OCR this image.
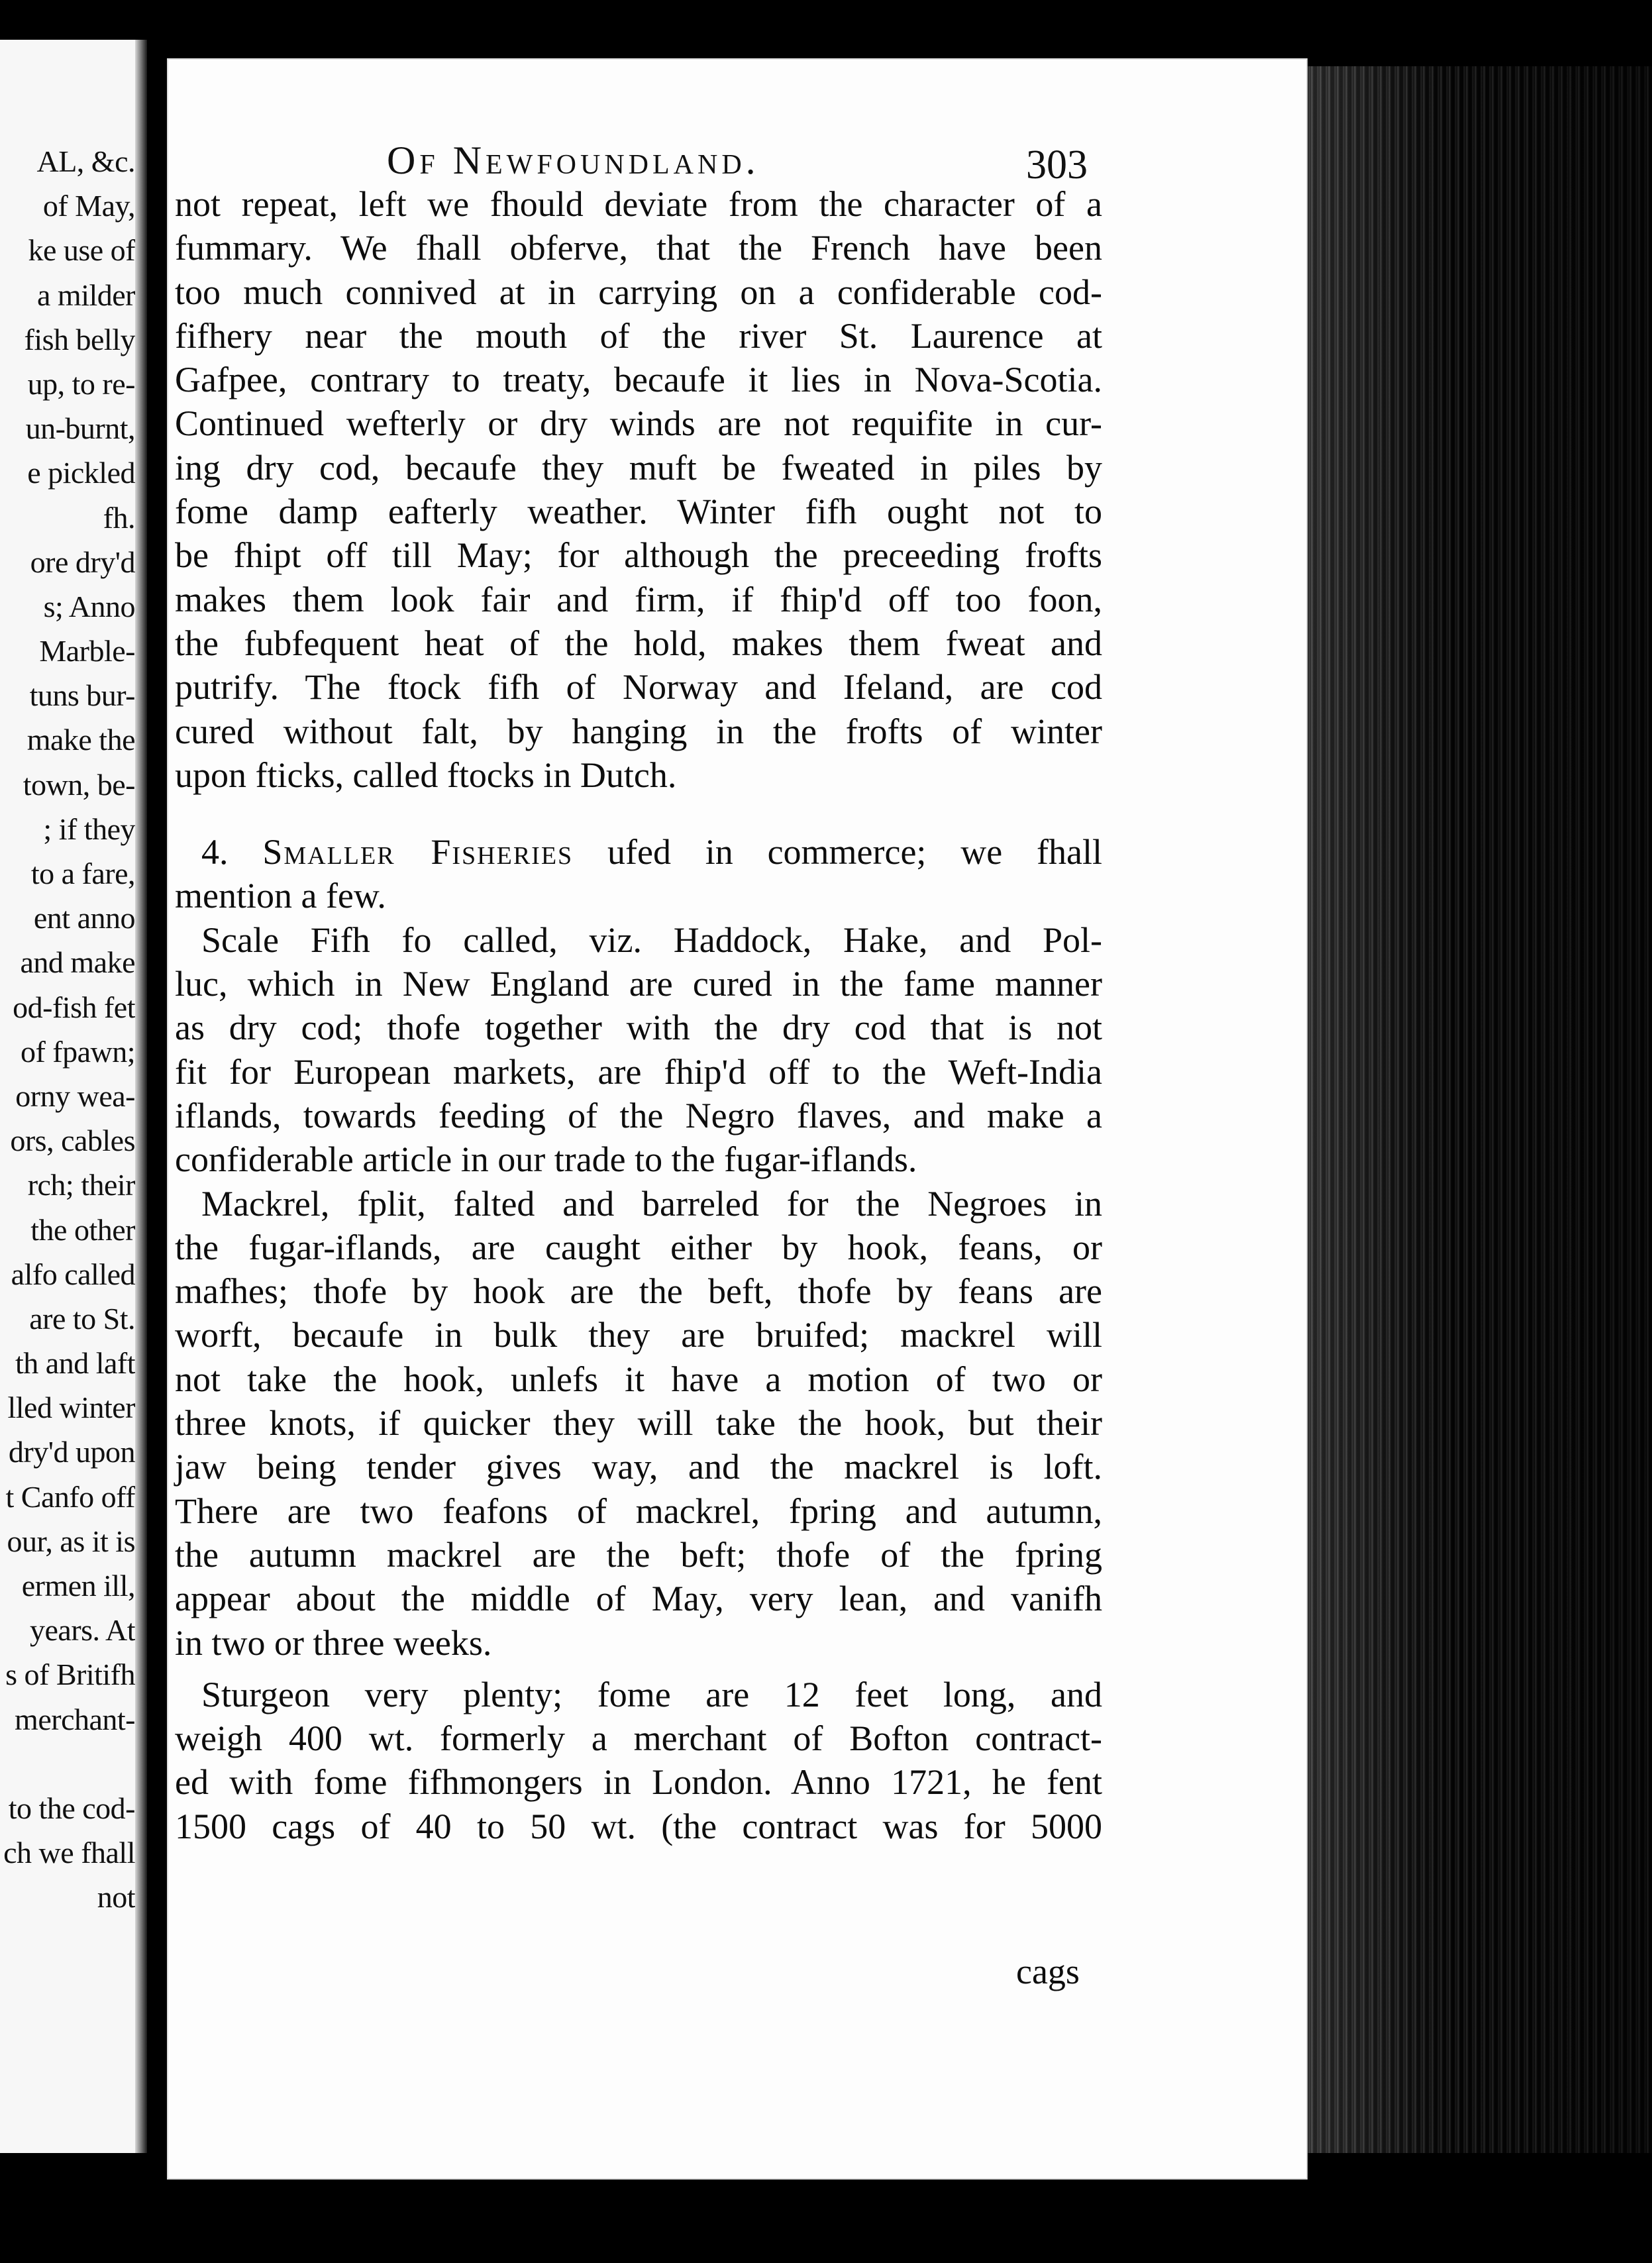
AL, &c.
of May,
ke use of
a milder
fish belly
up, to re-
un-burnt,
e pickled
fh.
ore dry'd
s; Anno
Marble-
tuns bur-
make the
town, be-
; if they
to a fare,
ent anno
and make
od-fish fet
of fpawn;
orny wea-
ors, cables
rch; their
the other
alfo called
are to St.
th and laft
lled winter
dry'd upon
t Canfo off
our, as it is
ermen ill,
years. At
s of Britifh
merchant-
to the cod-
ch we fhall
not
Of Newfoundland.	303
not repeat, left we fhould deviate from the character of a
fummary. We fhall obferve, that the French have been
too much connived at in carrying on a confiderable cod-
fifhery near the mouth of the river St. Laurence at
Gafpee, contrary to treaty, becaufe it lies in Nova-Scotia.
Continued wefterly or dry winds are not requifite in cur-
ing dry cod, becaufe they muft be fweated in piles by
fome damp eafterly weather. Winter fifh ought not to
be fhipt off till May; for although the preceeding frofts
makes them look fair and firm, if fhip'd off too foon,
the fubfequent heat of the hold, makes them fweat and
putrify. The ftock fifh of Norway and Ifeland, are cod
cured without falt, by hanging in the frofts of winter
upon fticks, called ftocks in Dutch.
4. Smaller Fisheries ufed in commerce; we fhall
mention a few.
Scale Fifh fo called, viz. Haddock, Hake, and Pol-
luc, which in New England are cured in the fame manner
as dry cod; thofe together with the dry cod that is not
fit for European markets, are fhip'd off to the Weft-India
iflands, towards feeding of the Negro flaves, and make a
confiderable article in our trade to the fugar-iflands.
Mackrel, fplit, falted and barreled for the Negroes in
the fugar-iflands, are caught either by hook, feans, or
mafhes; thofe by hook are the beft, thofe by feans are
worft, becaufe in bulk they are bruifed; mackrel will
not take the hook, unlefs it have a motion of two or
three knots, if quicker they will take the hook, but their
jaw being tender gives way, and the mackrel is loft.
There are two feafons of mackrel, fpring and autumn,
the autumn mackrel are the beft; thofe of the fpring
appear about the middle of May, very lean, and vanifh
in two or three weeks.
Sturgeon very plenty; fome are 12 feet long, and
weigh 400 wt. formerly a merchant of Bofton contract-
ed with fome fifhmongers in London. Anno 1721, he fent
1500 cags of 40 to 50 wt. (the contract was for 5000
cags
